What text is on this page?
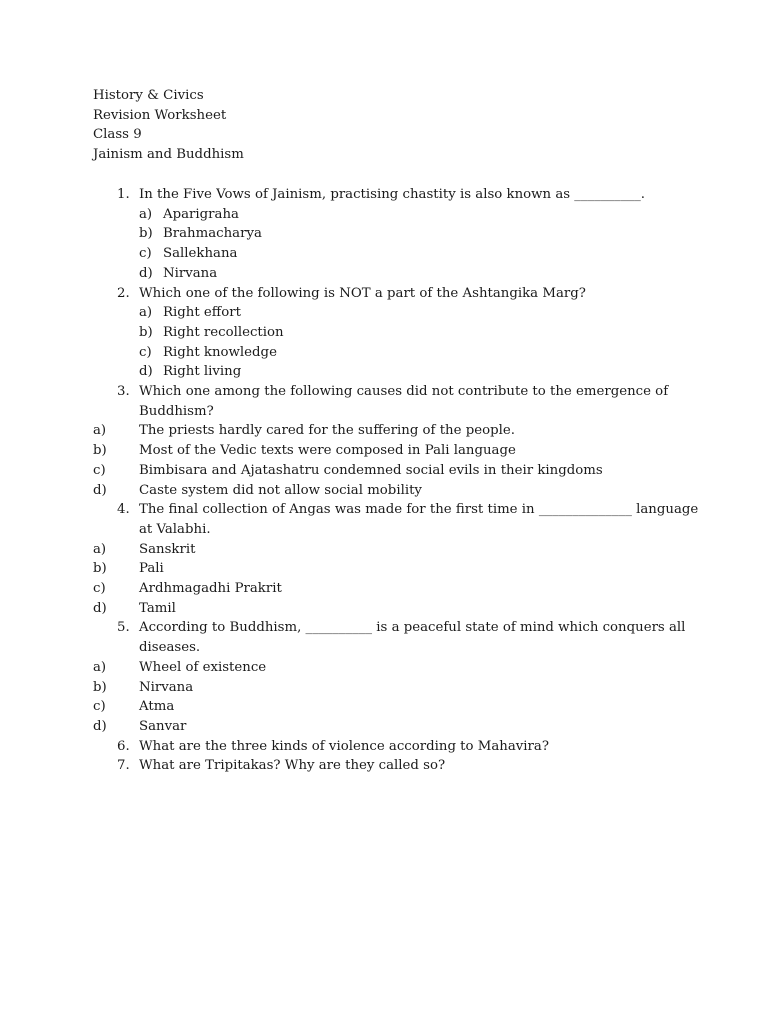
History & Civics
Revision Worksheet
Class 9
Jainism and Buddhism
1. In the Five Vows of Jainism, practising chastity is also known as __________.
a) Aparigraha
b) Brahmacharya
c) Sallekhana
d) Nirvana
2. Which one of the following is NOT a part of the Ashtangika Marg?
a) Right effort
b) Right recollection
c) Right knowledge
d) Right living
3. Which one among the following causes did not contribute to the emergence of
Buddhism?
a) The priests hardly cared for the suffering of the people.
b) Most of the Vedic texts were composed in Pali language
c)	Bimbisara and Ajatashatru condemned social evils in their kingdoms
d) Caste system did not allow social mobility
4. The final collection of Angas was made for the first time in ______________ language
at Valabhi.
a) Sanskrit
b) Pali
c)	Ardhmagadhi Prakrit
d) Tamil
5. According to Buddhism, __________ is a peaceful state of mind which conquers all
diseases.
a) Wheel of existence
b) Nirvana
c)	Atma
d) Sanvar
6. What are the three kinds of violence according to Mahavira?
7. What are Tripitakas? Why are they called so?
